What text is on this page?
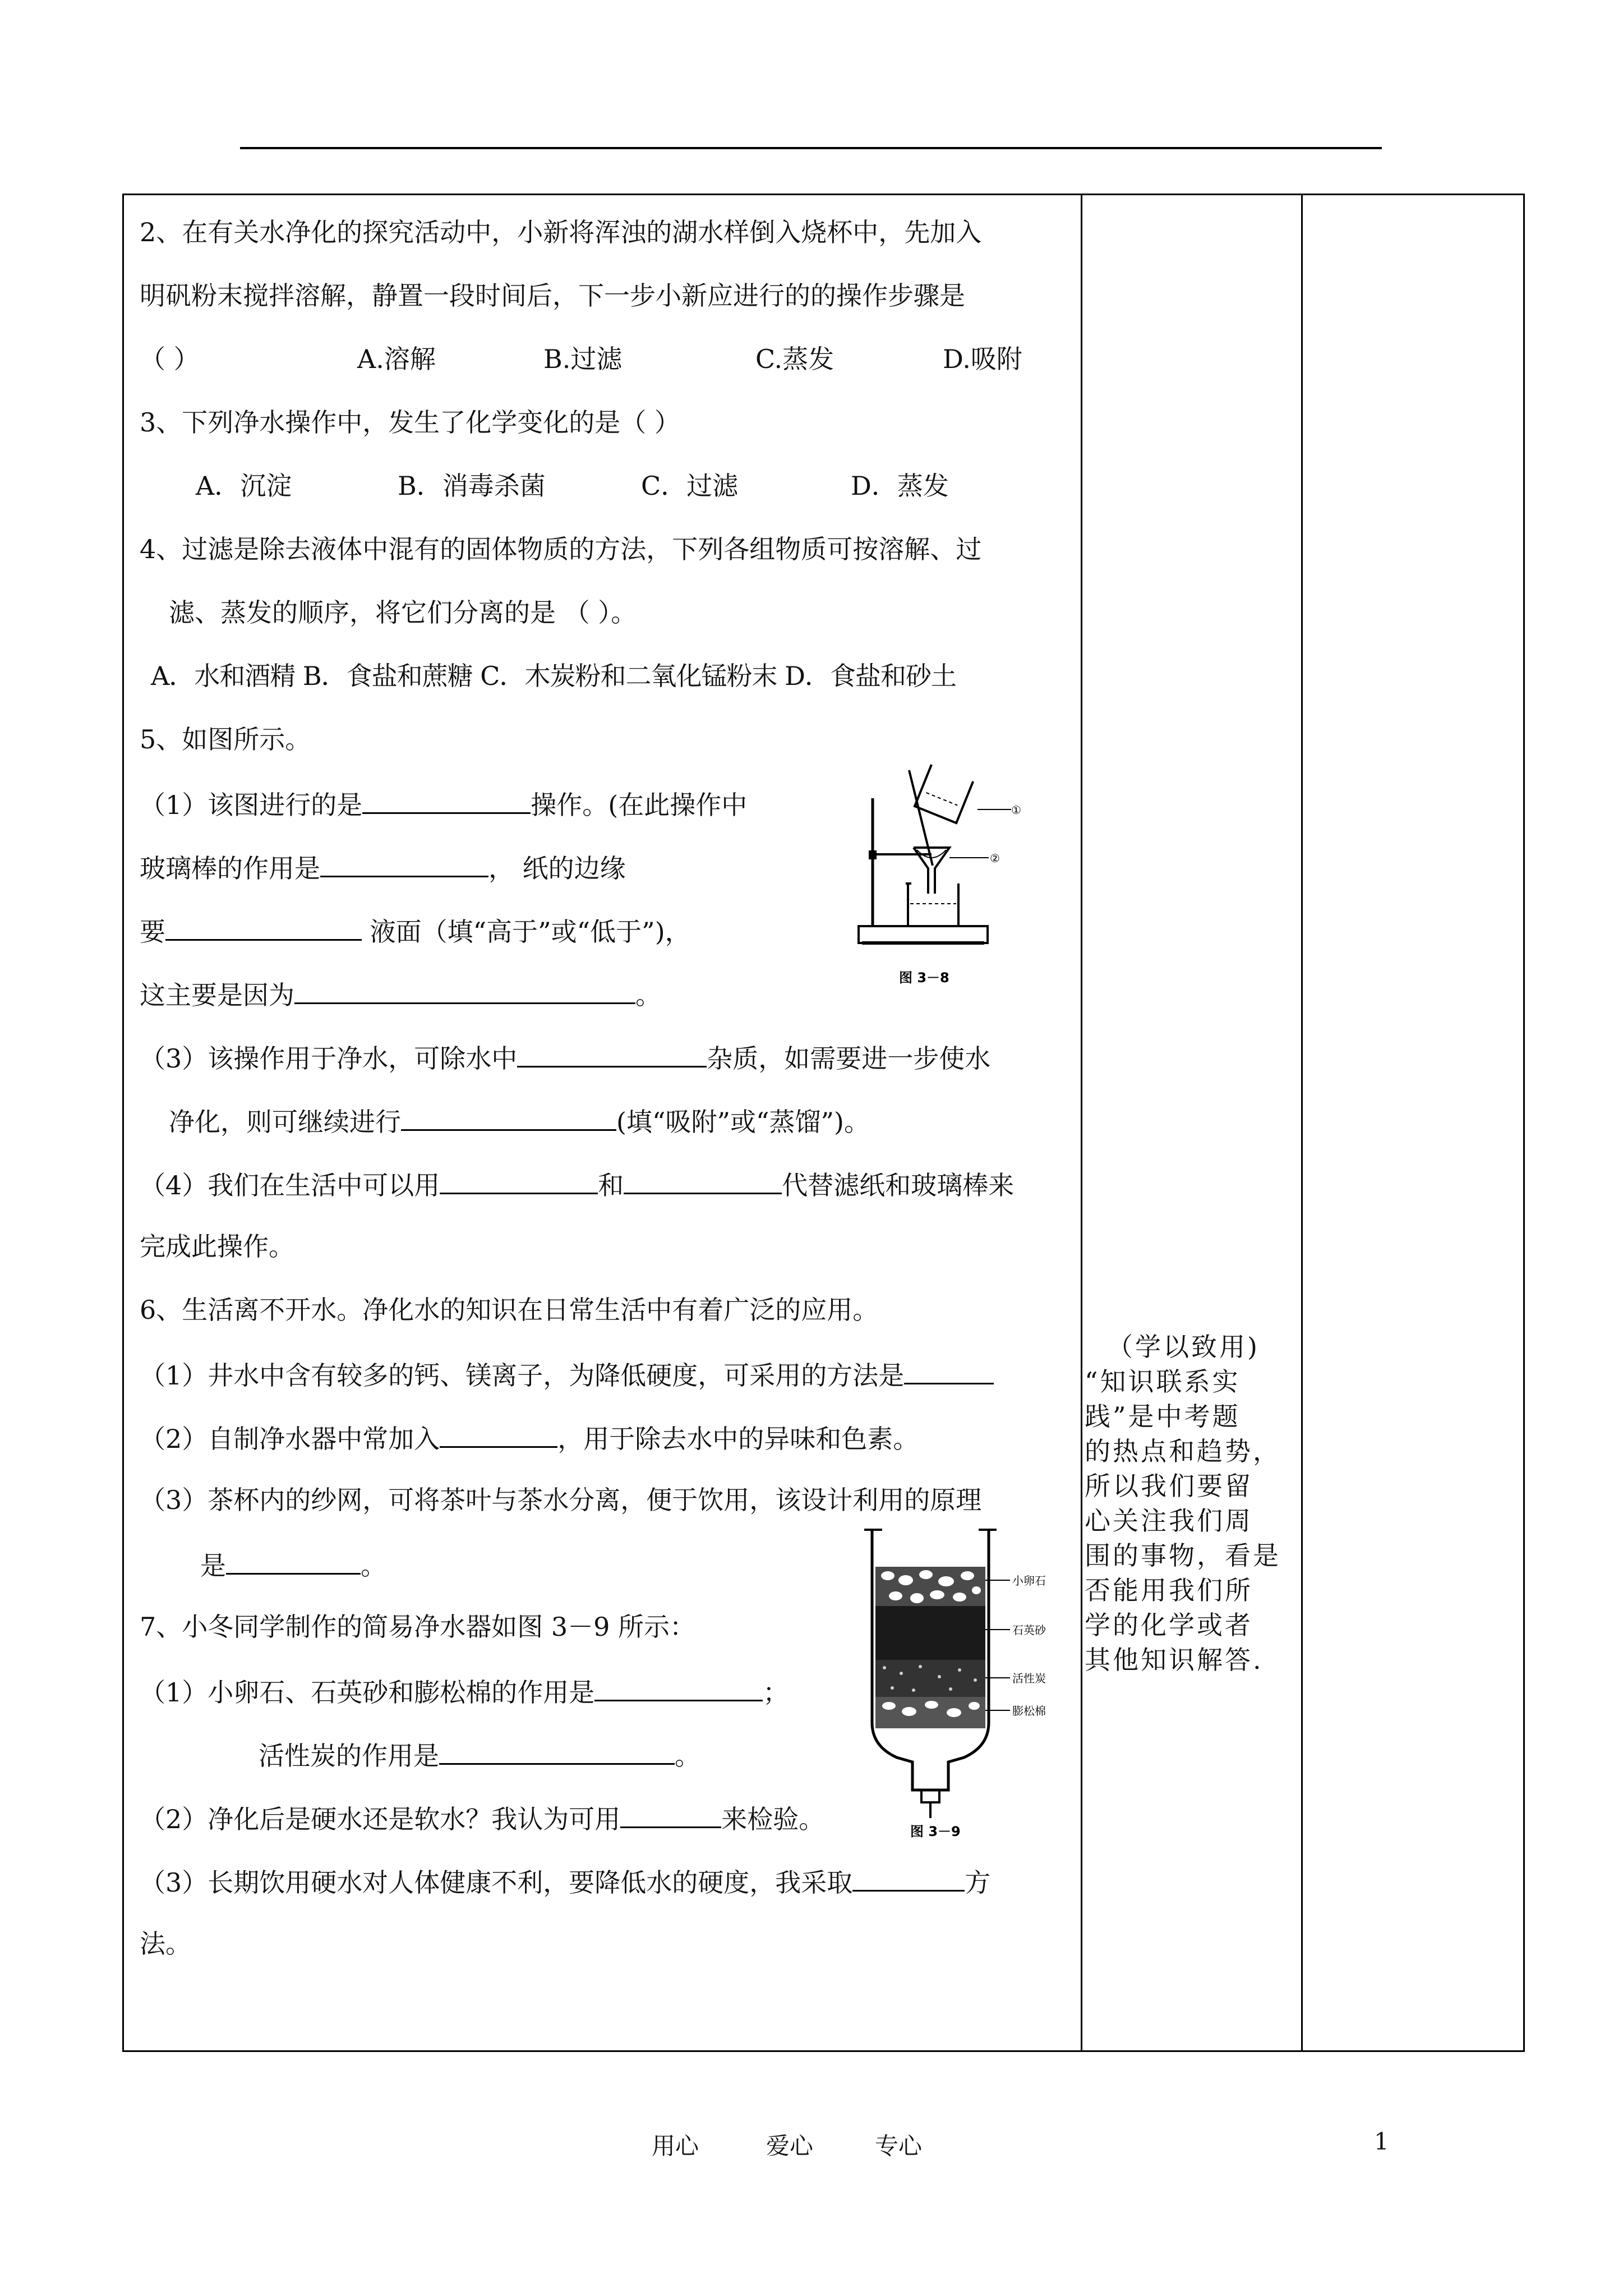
2、在有关水净化的探究活动中，小新将浑浊的湖水样倒入烧杯中，先加入
明矾粉末搅拌溶解，静置一段时间后，下一步小新应进行的的操作步骤是
（ ）	A.溶解	B.过滤	C.蒸发	D.吸附
3、下列净水操作中，发生了化学变化的是（ ）
A．沉淀	B．消毒杀菌	C．过滤	D．蒸发
4、过滤是除去液体中混有的固体物质的方法，下列各组物质可按溶解、过
滤、蒸发的顺序，将它们分离的是 （ ）。
A．水和酒精 B．食盐和蔗糖 C．木炭粉和二氧化锰粉末 D．食盐和砂土
5、如图所示。
（1）该图进行的是	操作。(在此操作中
玻璃棒的作用是	， 纸的边缘
要	液面（填“高于”或“低于”)，
这主要是因为	。
（3）该操作用于净水，可除水中	杂质，如需要进一步使水
净化，则可继续进行	(填“吸附”或“蒸馏”)。
（4）我们在生活中可以用	和	代替滤纸和玻璃棒来
完成此操作。
6、生活离不开水。净化水的知识在日常生活中有着广泛的应用。
（1）井水中含有较多的钙、镁离子，为降低硬度，可采用的方法是
（2）自制净水器中常加入	，用于除去水中的异味和色素。
（3）茶杯内的纱网，可将茶叶与茶水分离，便于饮用，该设计利用的原理
是	。
7、小冬同学制作的简易净水器如图 3－9 所示：
（1）小卵石、石英砂和膨松棉的作用是	；
活性炭的作用是	。
（2）净化后是硬水还是软水？我认为可用	来检验。
（3）长期饮用硬水对人体健康不利，要降低水的硬度，我采取	方
法。
（学以致用)
“知识联系实
践”是中考题
的热点和趋势，
所以我们要留
心关注我们周
围的事物，看是
否能用我们所
学的化学或者
其他知识解答.
①
②
图 3－8
小卵石
石英砂
活性炭
膨松棉
图 3－9
用心	爱心	专心	1
